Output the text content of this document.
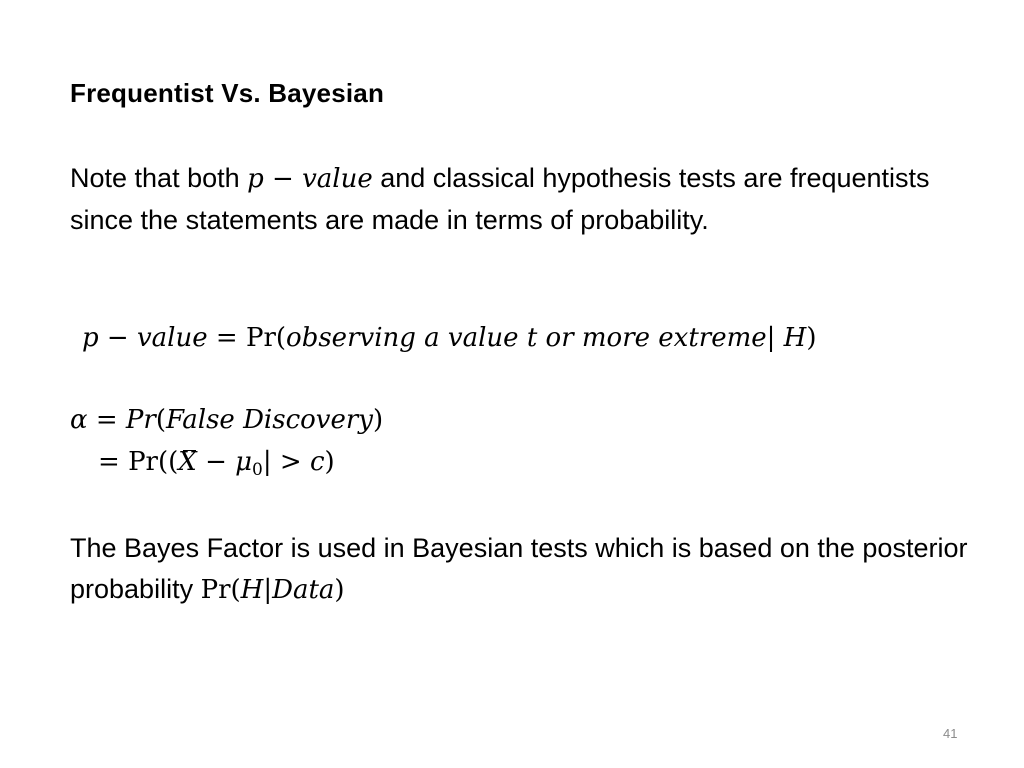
Frequentist Vs. Bayesian
Note that both p − value and classical hypothesis tests are frequentists since the statements are made in terms of probability.
p − value = Pr(observing a value t or more extreme| H)
α = Pr(False Discovery)
= $Pr((X - \mu_0| > c)$
The Bayes Factor is used in Bayesian tests which is based on the posterior probability Pr(H|Data)
41
